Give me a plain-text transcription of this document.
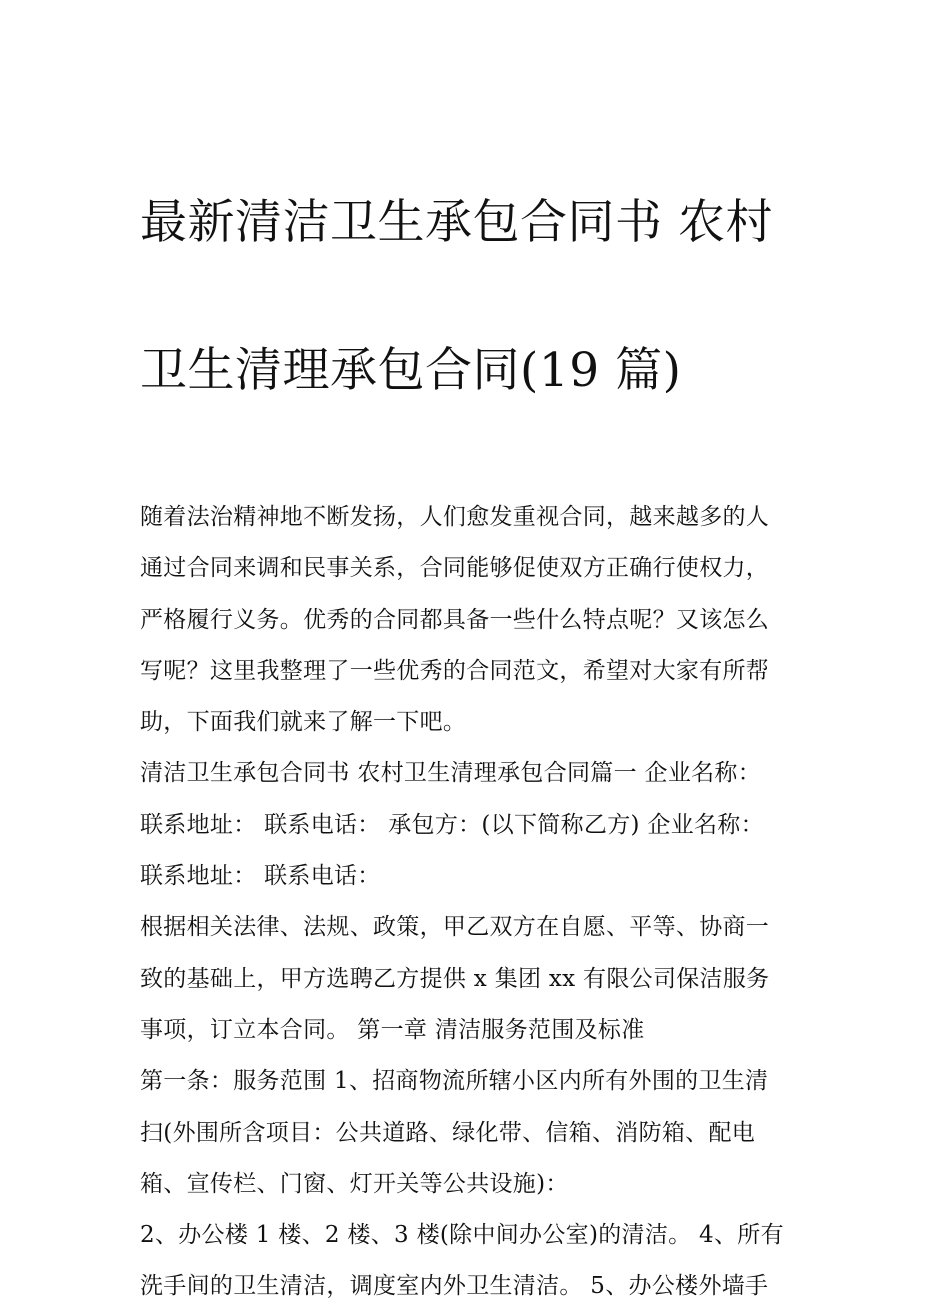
最新清洁卫生承包合同书 农村

卫生清理承包合同(19 篇)

随着法治精神地不断发扬，人们愈发重视合同，越来越多的人
通过合同来调和民事关系，合同能够促使双方正确行使权力，
严格履行义务。优秀的合同都具备一些什么特点呢？又该怎么
写呢？这里我整理了一些优秀的合同范文，希望对大家有所帮
助，下面我们就来了解一下吧。

清洁卫生承包合同书 农村卫生清理承包合同篇一 企业名称：
联系地址： 联系电话： 承包方：(以下简称乙方) 企业名称：
联系地址： 联系电话：

根据相关法律、法规、政策，甲乙双方在自愿、平等、协商一
致的基础上，甲方选聘乙方提供 x 集团 xx 有限公司保洁服务
事项，订立本合同。 第一章 清洁服务范围及标准

第一条：服务范围 1、招商物流所辖小区内所有外围的卫生清
扫(外围所含项目：公共道路、绿化带、信箱、消防箱、配电
箱、宣传栏、门窗、灯开关等公共设施)：

2、办公楼 1 楼、2 楼、3 楼(除中间办公室)的清洁。 4、所有
洗手间的卫生清洁，调度室内外卫生清洁。 5、办公楼外墙手
